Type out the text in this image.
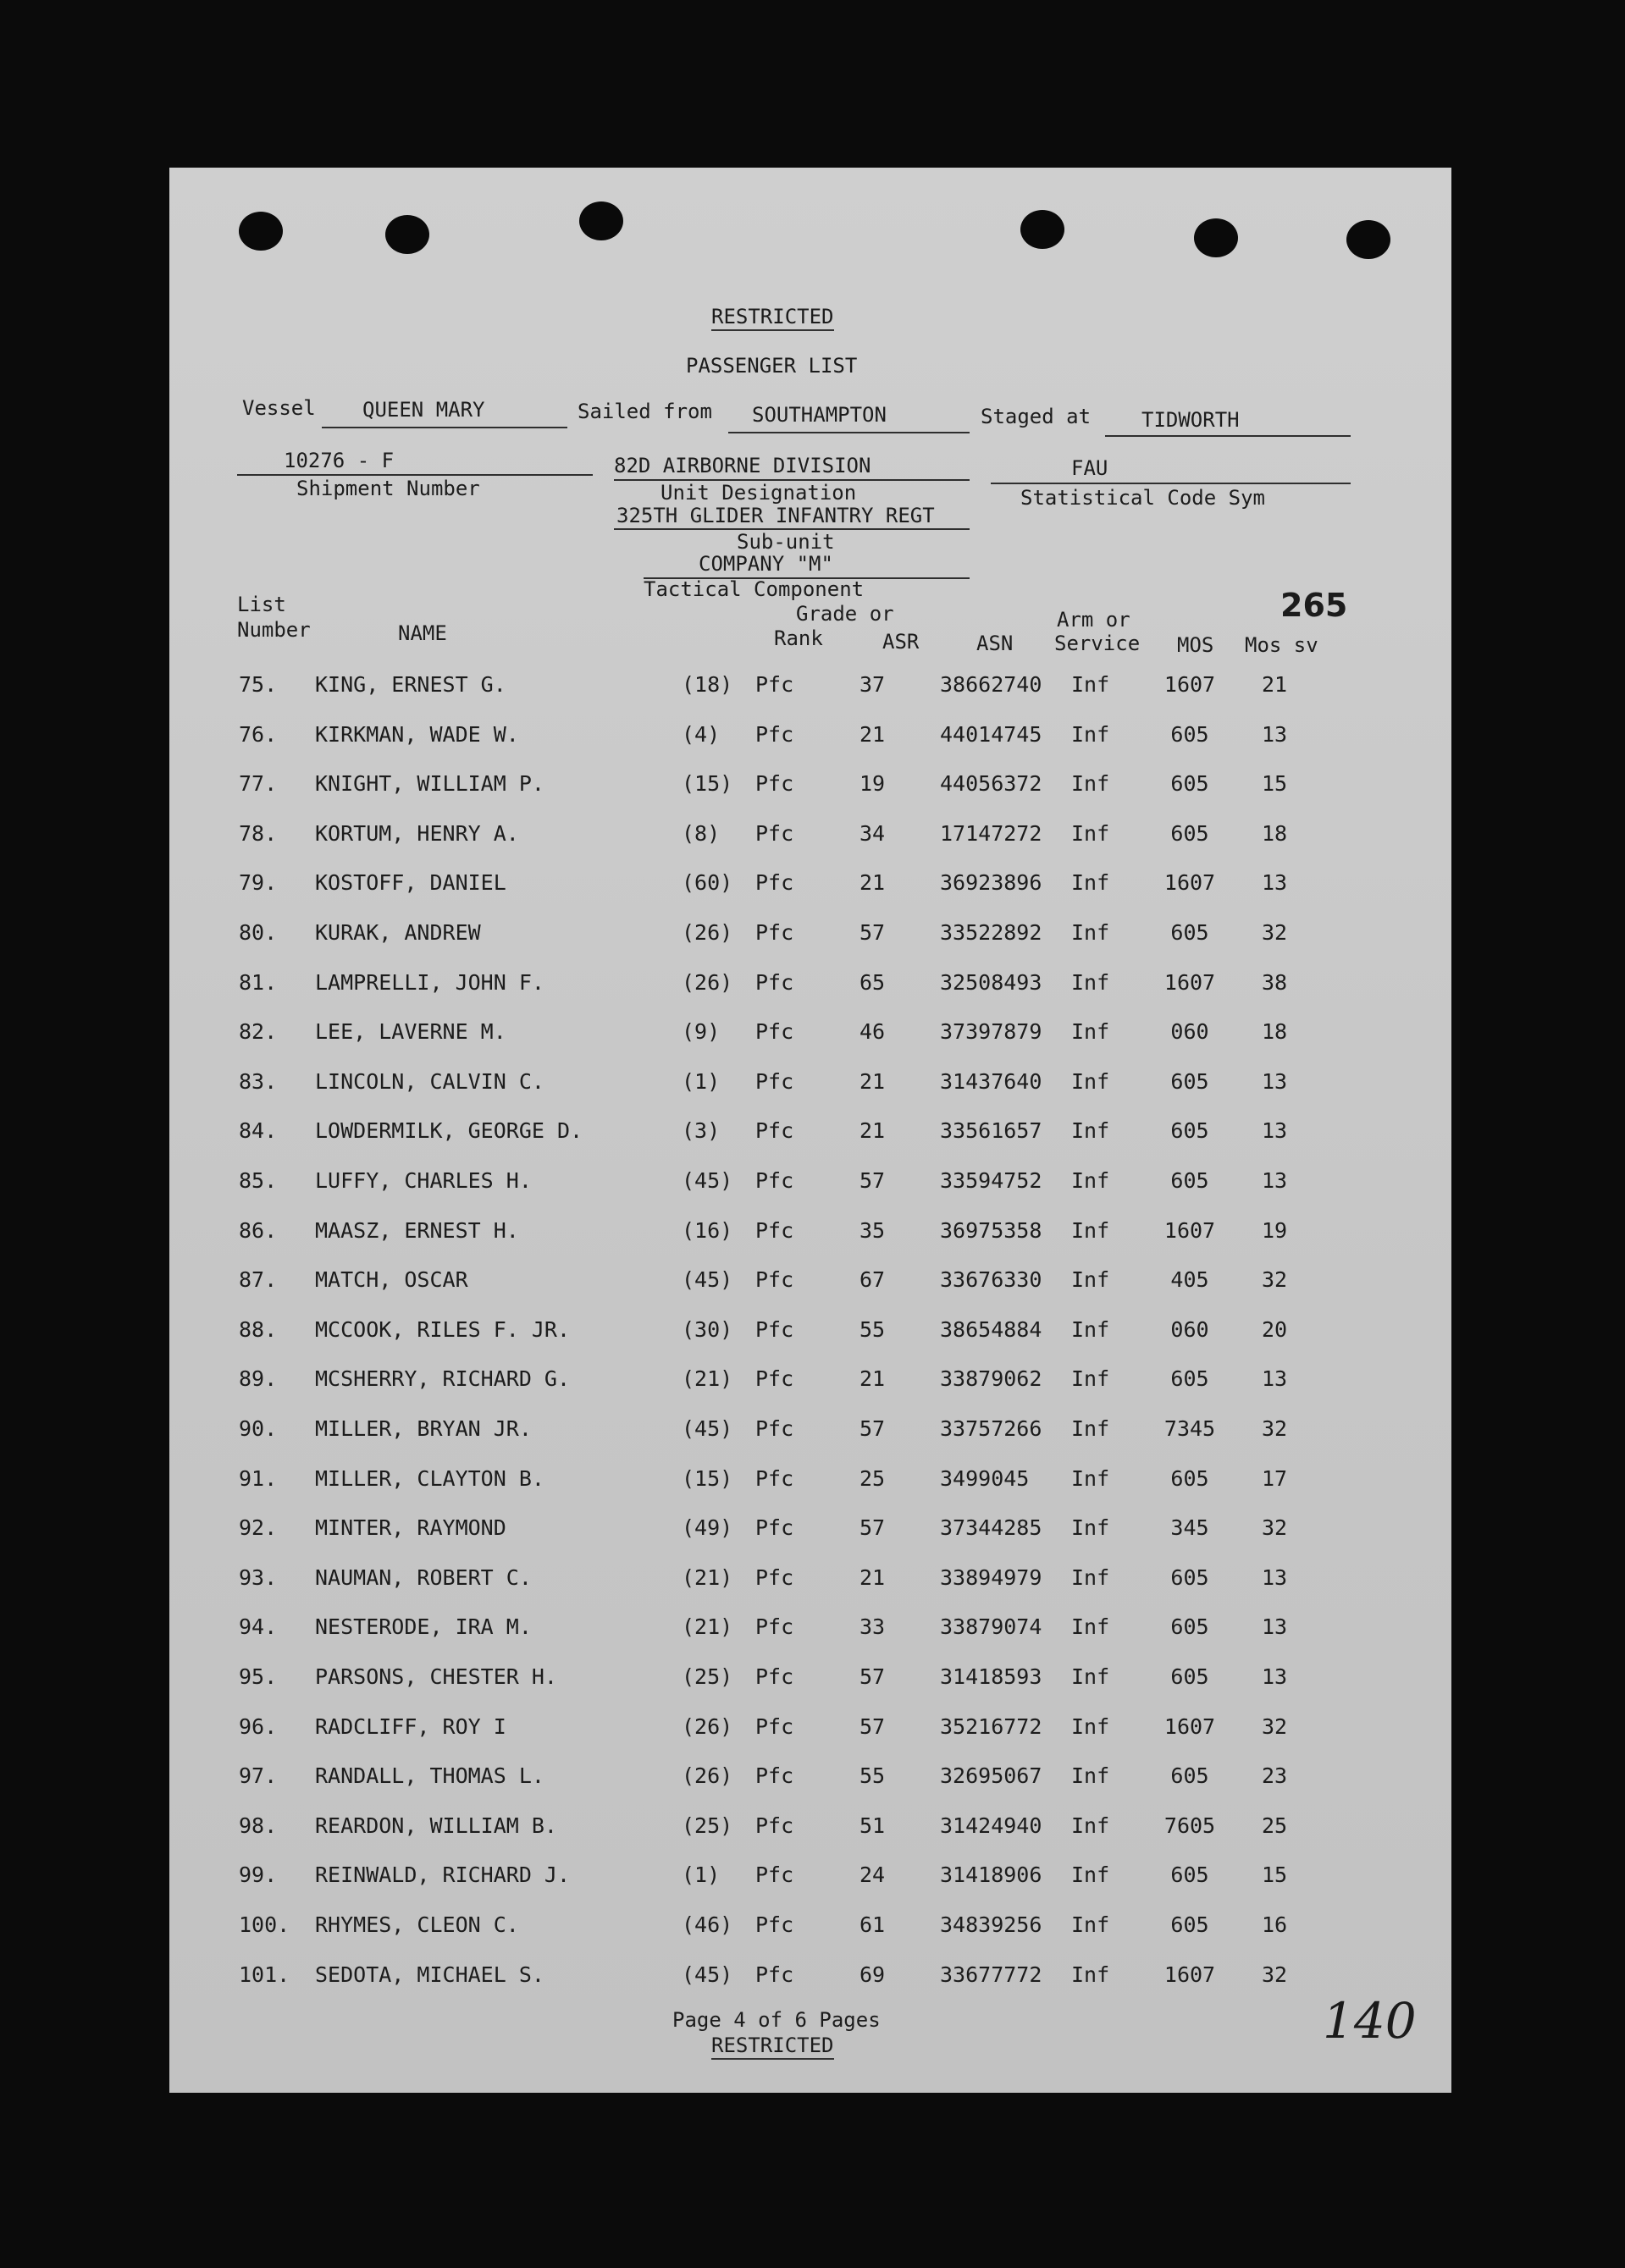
RESTRICTED
PASSENGER LIST
Vessel QUEEN MARY	Sailed from SOUTHAMPTON	Staged at TIDWORTH
10276 - F
Shipment Number
82D AIRBORNE DIVISION
Unit Designation
325TH GLIDER INFANTRY REGT
Sub-unit
COMPANY "M"
Tactical Component
FAU
Statistical Code Sym
265
List
Number	NAME
Grade or
Rank	ASR	ASN
Arm or
Service MOS Mos sv
75. KING, ERNEST G.	(18) Pfc	37	38662740 Inf	1607	21
76. KIRKMAN, WADE W.	(4) Pfc	21	44014745 Inf	605	13
77. KNIGHT, WILLIAM P.	(15) Pfc	19	44056372 Inf	605	15
78. KORTUM, HENRY A.	(8) Pfc	34	17147272 Inf	605	18
79. KOSTOFF, DANIEL	(60) Pfc	21	36923896 Inf	1607	13
80. KURAK, ANDREW	(26) Pfc	57	33522892 Inf	605	32
81. LAMPRELLI, JOHN F.	(26) Pfc	65	32508493 Inf	1607	38
82. LEE, LAVERNE M.	(9) Pfc	46	37397879 Inf	060	18
83. LINCOLN, CALVIN C.	(1) Pfc	21	31437640 Inf	605	13
84. LOWDERMILK, GEORGE D.	(3) Pfc	21	33561657 Inf	605	13
85. LUFFY, CHARLES H.	(45) Pfc	57	33594752 Inf	605	13
86. MAASZ, ERNEST H.	(16) Pfc	35	36975358 Inf	1607	19
87. MATCH, OSCAR	(45) Pfc	67	33676330 Inf	405	32
88. MCCOOK, RILES F. JR.	(30) Pfc	55	38654884 Inf	060	20
89. MCSHERRY, RICHARD G.	(21) Pfc	21	33879062 Inf	605	13
90. MILLER, BRYAN JR.	(45) Pfc	57	33757266 Inf	7345	32
91. MILLER, CLAYTON B.	(15) Pfc	25	3499045 Inf	605	17
92. MINTER, RAYMOND	(49) Pfc	57	37344285 Inf	345	32
93. NAUMAN, ROBERT C.	(21) Pfc	21	33894979 Inf	605	13
94. NESTERODE, IRA M.	(21) Pfc	33	33879074 Inf	605	13
95. PARSONS, CHESTER H.	(25) Pfc	57	31418593 Inf	605	13
96. RADCLIFF, ROY I	(26) Pfc	57	35216772 Inf	1607	32
97. RANDALL, THOMAS L.	(26) Pfc	55	32695067 Inf	605	23
98. REARDON, WILLIAM B.	(25) Pfc	51	31424940 Inf	7605	25
99. REINWALD, RICHARD J.	(1) Pfc	24	31418906 Inf	605	15
100. RHYMES, CLEON C.	(46) Pfc	61	34839256 Inf	605	16
101. SEDOTA, MICHAEL S.	(45) Pfc	69	33677772 Inf	1607	32
Page 4 of 6 Pages
RESTRICTED	140
